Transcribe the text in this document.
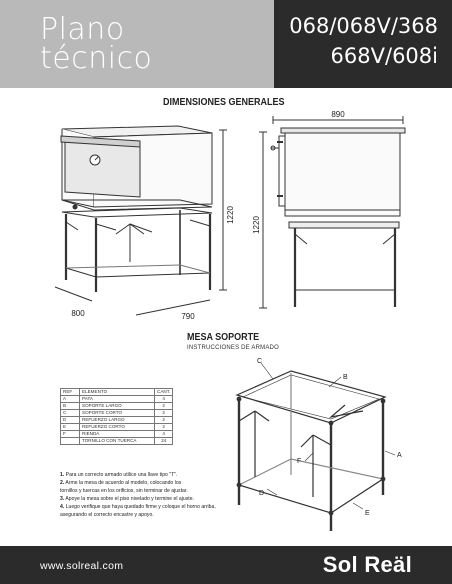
Plano
técnico
068/068V/368
668V/608i
DIMENSIONES GENERALES
1220
800	790
890
1220
MESA SOPORTE
INSTRUCCIONES DE ARMADO
C
B
A
F
D
E
REF	ELEMENTO	CANT.
A	PATA	4
B	SOPORTE LARGO	2
C	SOPORTE CORTO	2
D	REFUERZO LARGO	2
E	REFUERZO CORTO	2
F	RIENDA	4
	TORNILLO CON TUERCA	24
1. Para un correcto armado utilice una llave tipo "T".
2. Arme la mesa de acuerdo al modelo, colocando los
tornillos y tuercas en los orificios, sin terminar de ajustar.
3. Apoye la mesa sobre el piso nivelado y termine el ajuste.
4. Luego verifique que haya quedado firme y coloque el horno arriba,
asegurando el correcto encastre y apoyo.
www.solreal.com	Sol Reäl
